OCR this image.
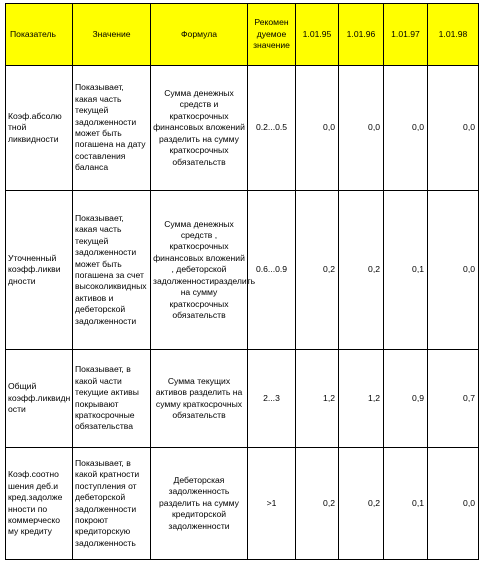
Показатель	Значение	Формула	Рекомен дуемое значение	1.01.95	1.01.96	1.01.97	1.01.98
Коэф.абсолю тной ликвидности	Показывает, какая часть текущей задолженности может быть погашена на дату составления баланса	Сумма денежных средств и краткосрочных финансовых вложений разделить на сумму краткосрочных обязательств	0.2...0.5	0,0	0,0	0,0	0,0
Уточненный коэфф.ликви дности	Показывает, какая часть текущей задолженности может быть погашена за счет высоколиквидных активов и дебеторской задолженности	Сумма денежных средств , краткосрочных финансовых вложений , дебеторской задолженностиразделить на сумму краткосрочных обязательств	0.6...0.9	0,2	0,2	0,1	0,0
Общий коэфф.ликвидн ости	Показывает, в какой части текущие активы покрывают краткосрочные обязательства	Сумма текущих активов разделить на сумму краткосрочных обязательств	2...3	1,2	1,2	0,9	0,7
Коэф.соотно шения деб.и кред.задолже нности по коммерческо му кредиту	Показывает, в какой кратности поступления от дебеторской задолженности покроют кредиторскую задолженность	Дебеторская задолженность разделить на сумму кредиторской задолженности	>1	0,2	0,2	0,1	0,0
